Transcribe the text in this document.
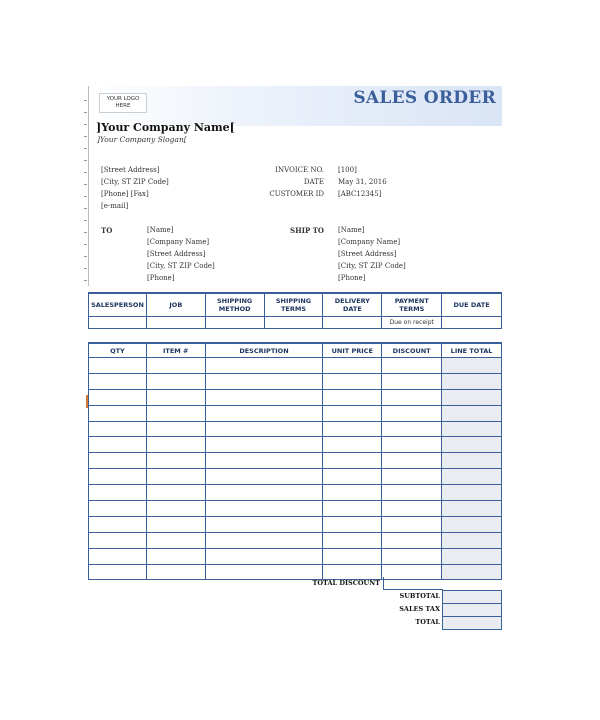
YOUR LOGO HERE	SALES ORDER
]Your Company Name[
]Your Company Slogan[
[Street Address]
[City, ST ZIP Code]
[Phone] [Fax]
[e-mail]
INVOICE NO. [100]
DATE May 31, 2016
CUSTOMER ID [ABC12345]
TO	[Name]
[Company Name]
[Street Address]
[City, ST ZIP Code]
[Phone]
SHIP TO [Name]
[Company Name]
[Street Address]
[City, ST ZIP Code]
[Phone]
SALESPERSON	JOB	SHIPPING METHOD	SHIPPING TERMS	DELIVERY DATE	PAYMENT TERMS	DUE DATE
					Due on receipt	
QTY	ITEM #	DESCRIPTION	UNIT PRICE	DISCOUNT	LINE TOTAL

TOTAL DISCOUNT
SUBTOTAL
SALES TAX
TOTAL
